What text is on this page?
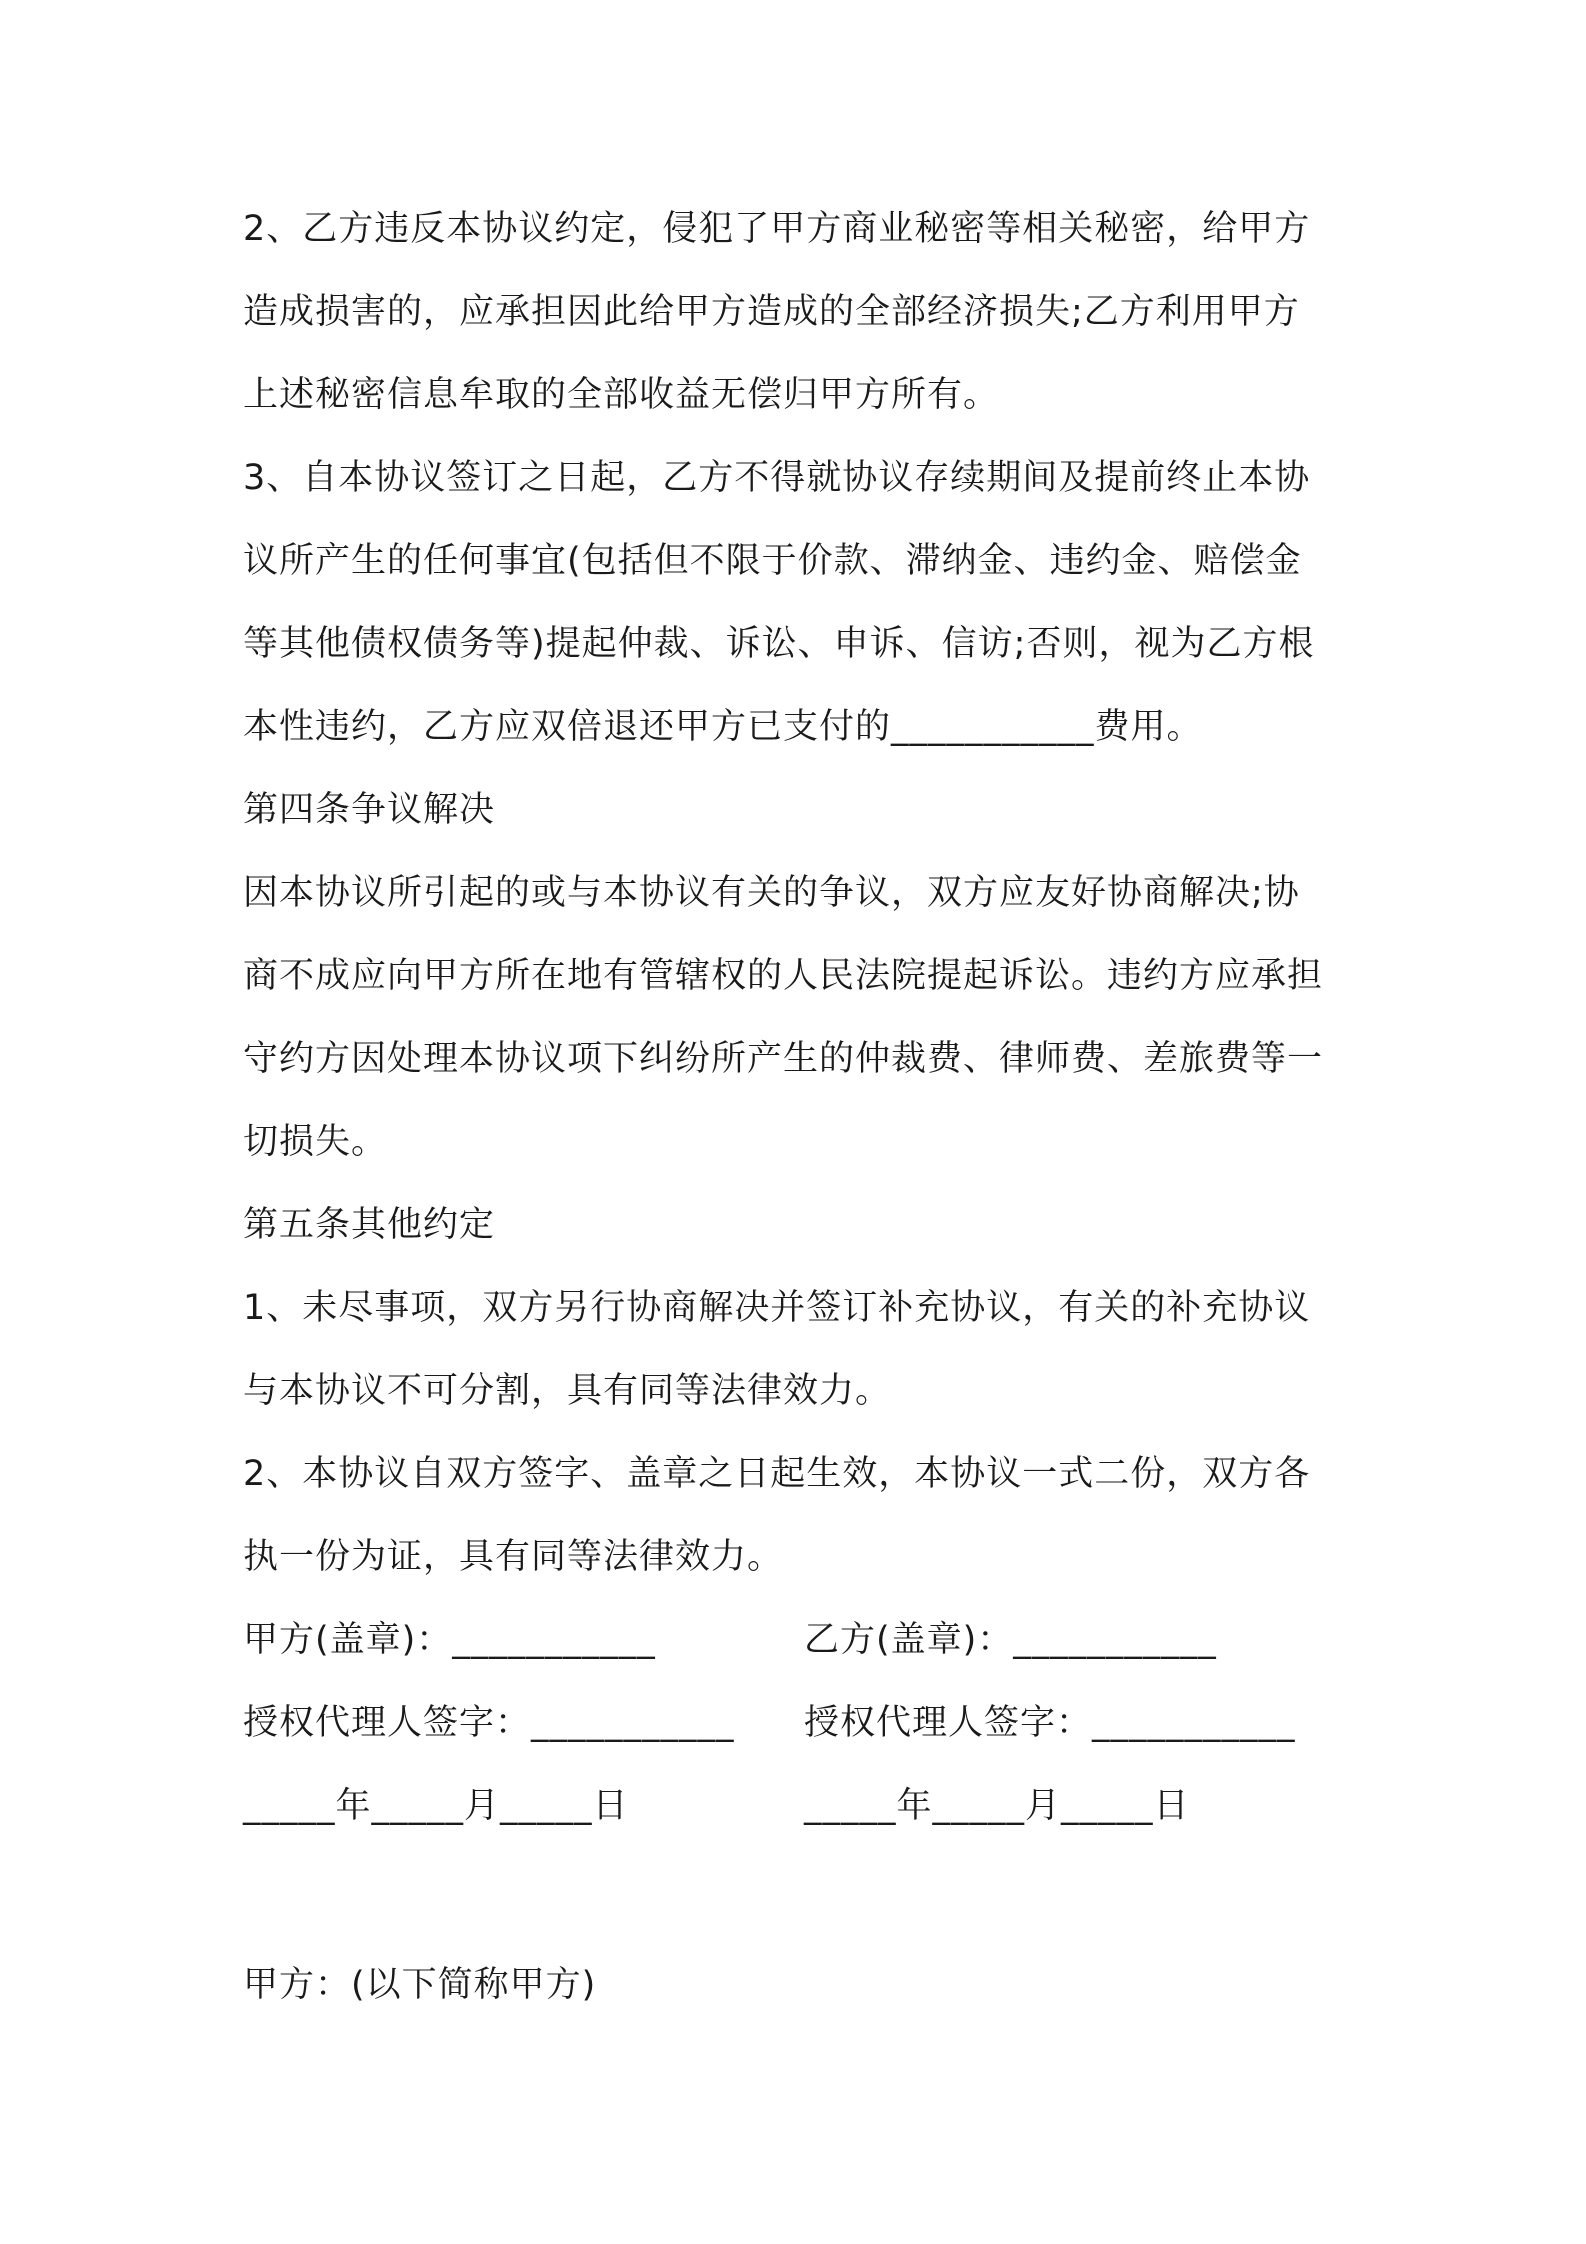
2、乙方违反本协议约定，侵犯了甲方商业秘密等相关秘密，给甲方
造成损害的，应承担因此给甲方造成的全部经济损失;乙方利用甲方
上述秘密信息牟取的全部收益无偿归甲方所有。
3、自本协议签订之日起，乙方不得就协议存续期间及提前终止本协
议所产生的任何事宜(包括但不限于价款、滞纳金、违约金、赔偿金
等其他债权债务等)提起仲裁、诉讼、申诉、信访;否则，视为乙方根
本性违约，乙方应双倍退还甲方已支付的___________费用。
第四条争议解决
因本协议所引起的或与本协议有关的争议，双方应友好协商解决;协
商不成应向甲方所在地有管辖权的人民法院提起诉讼。违约方应承担
守约方因处理本协议项下纠纷所产生的仲裁费、律师费、差旅费等一
切损失。
第五条其他约定
1、未尽事项，双方另行协商解决并签订补充协议，有关的补充协议
与本协议不可分割，具有同等法律效力。
2、本协议自双方签字、盖章之日起生效，本协议一式二份，双方各
执一份为证，具有同等法律效力。
甲方(盖章)：___________	乙方(盖章)：___________
授权代理人签字：___________ 授权代理人签字：___________
_____年_____月_____日	_____年_____月_____日
甲方：(以下简称甲方)
